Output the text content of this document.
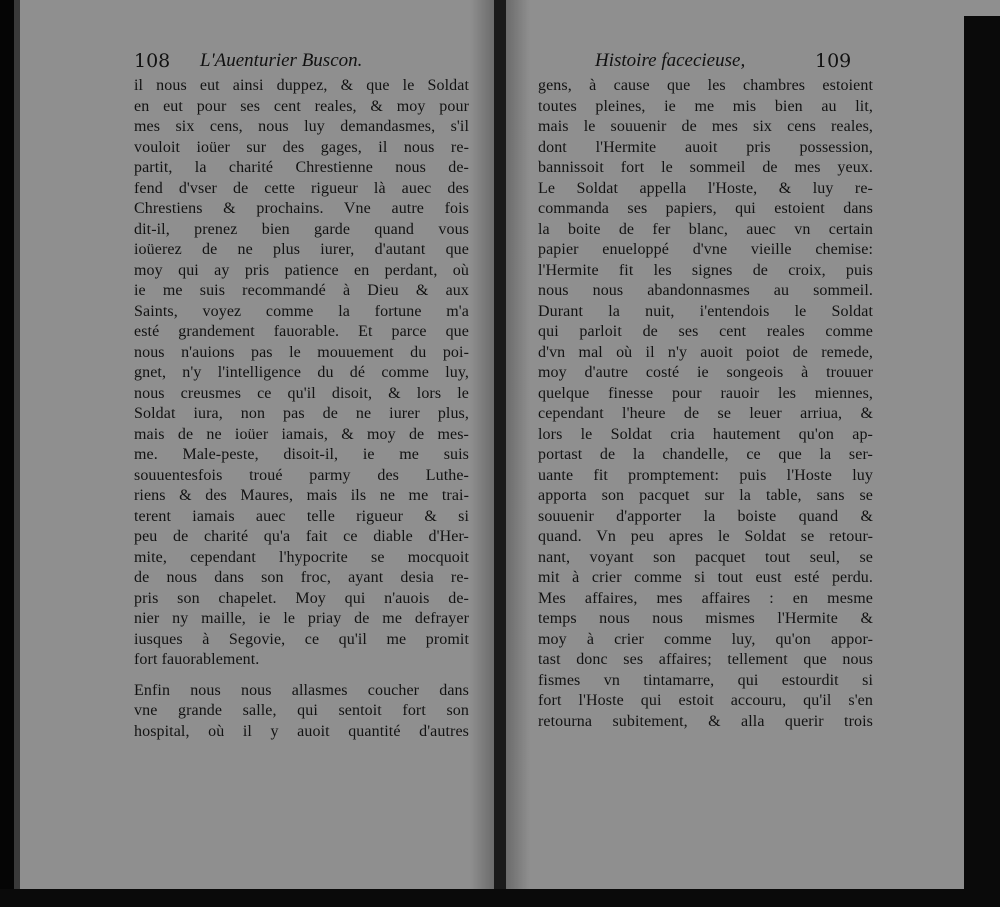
108 L'Auenturier Buscon.
il nous eut ainsi duppez, & que le Soldat
en eut pour ses cent reales, & moy pour
mes six cens, nous luy demandasmes, s'il
vouloit ioüer sur des gages, il nous re-
partit, la charité Chrestienne nous de-
fend d'vser de cette rigueur là auec des
Chrestiens & prochains. Vne autre fois
dit-il, prenez bien garde quand vous
ioüerez de ne plus iurer, d'autant que
moy qui ay pris patience en perdant, où
ie me suis recommandé à Dieu & aux
Saints, voyez comme la fortune m'a
esté grandement fauorable. Et parce que
nous n'auions pas le mouuement du poi-
gnet, n'y l'intelligence du dé comme luy,
nous creusmes ce qu'il disoit, & lors le
Soldat iura, non pas de ne iurer plus,
mais de ne ioüer iamais, & moy de mes-
me. Male-peste, disoit-il, ie me suis
souuentesfois troué parmy des Luthe-
riens & des Maures, mais ils ne me trai-
terent iamais auec telle rigueur & si
peu de charité qu'a fait ce diable d'Her-
mite, cependant l'hypocrite se mocquoit
de nous dans son froc, ayant desia re-
pris son chapelet. Moy qui n'auois de-
nier ny maille, ie le priay de me defrayer
iusques à Segovie, ce qu'il me promit
fort fauorablement.
Enfin nous nous allasmes coucher dans
vne grande salle, qui sentoit fort son
hospital, où il y auoit quantité d'autres
Histoire facecieuse,	109
gens, à cause que les chambres estoient
toutes pleines, ie me mis bien au lit,
mais le souuenir de mes six cens reales,
dont l'Hermite auoit pris possession,
bannissoit fort le sommeil de mes yeux.
Le Soldat appella l'Hoste, & luy re-
commanda ses papiers, qui estoient dans
la boite de fer blanc, auec vn certain
papier enueloppé d'vne vieille chemise:
l'Hermite fit les signes de croix, puis
nous nous abandonnasmes au sommeil.
Durant la nuit, i'entendois le Soldat
qui parloit de ses cent reales comme
d'vn mal où il n'y auoit poiot de remede,
moy d'autre costé ie songeois à trouuer
quelque finesse pour rauoir les miennes,
cependant l'heure de se leuer arriua, &
lors le Soldat cria hautement qu'on ap-
portast de la chandelle, ce que la ser-
uante fit promptement: puis l'Hoste luy
apporta son pacquet sur la table, sans se
souuenir d'apporter la boiste quand &
quand. Vn peu apres le Soldat se retour-
nant, voyant son pacquet tout seul, se
mit à crier comme si tout eust esté perdu.
Mes affaires, mes affaires : en mesme
temps nous nous mismes l'Hermite &
moy à crier comme luy, qu'on appor-
tast donc ses affaires; tellement que nous
fismes vn tintamarre, qui estourdit si
fort l'Hoste qui estoit accouru, qu'il s'en
retourna subitement, & alla querir trois
